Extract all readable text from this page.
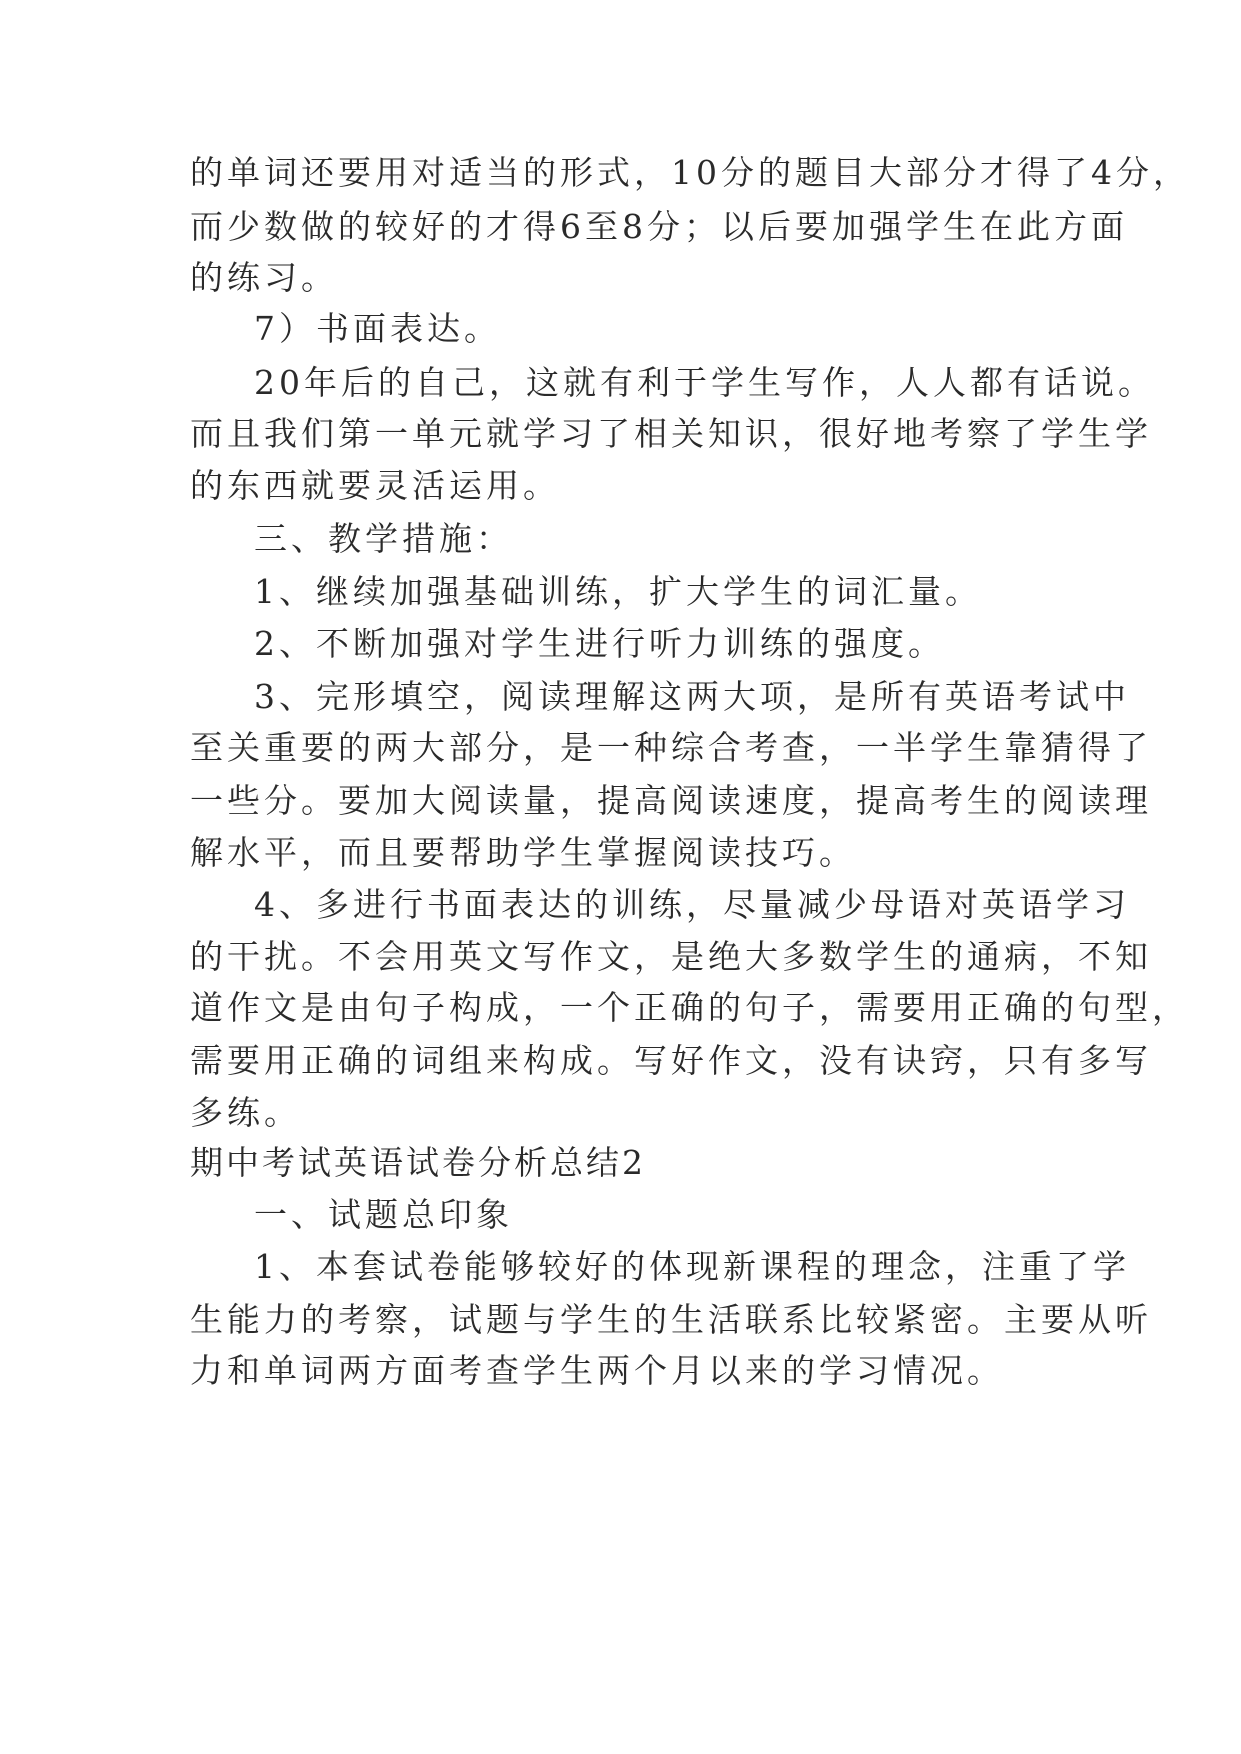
的单词还要用对适当的形式，10分的题目大部分才得了4分，
而少数做的较好的才得6至8分；以后要加强学生在此方面
的练习。
7）书面表达。
20年后的自己，这就有利于学生写作，人人都有话说。
而且我们第一单元就学习了相关知识，很好地考察了学生学
的东西就要灵活运用。
三、教学措施：
1、继续加强基础训练，扩大学生的词汇量。
2、不断加强对学生进行听力训练的强度。
3、完形填空，阅读理解这两大项，是所有英语考试中
至关重要的两大部分，是一种综合考查，一半学生靠猜得了
一些分。要加大阅读量，提高阅读速度，提高考生的阅读理
解水平，而且要帮助学生掌握阅读技巧。
4、多进行书面表达的训练，尽量减少母语对英语学习
的干扰。不会用英文写作文，是绝大多数学生的通病，不知
道作文是由句子构成，一个正确的句子，需要用正确的句型，
需要用正确的词组来构成。写好作文，没有诀窍，只有多写
多练。
期中考试英语试卷分析总结2
一、试题总印象
1、本套试卷能够较好的体现新课程的理念，注重了学
生能力的考察，试题与学生的生活联系比较紧密。主要从听
力和单词两方面考查学生两个月以来的学习情况。
